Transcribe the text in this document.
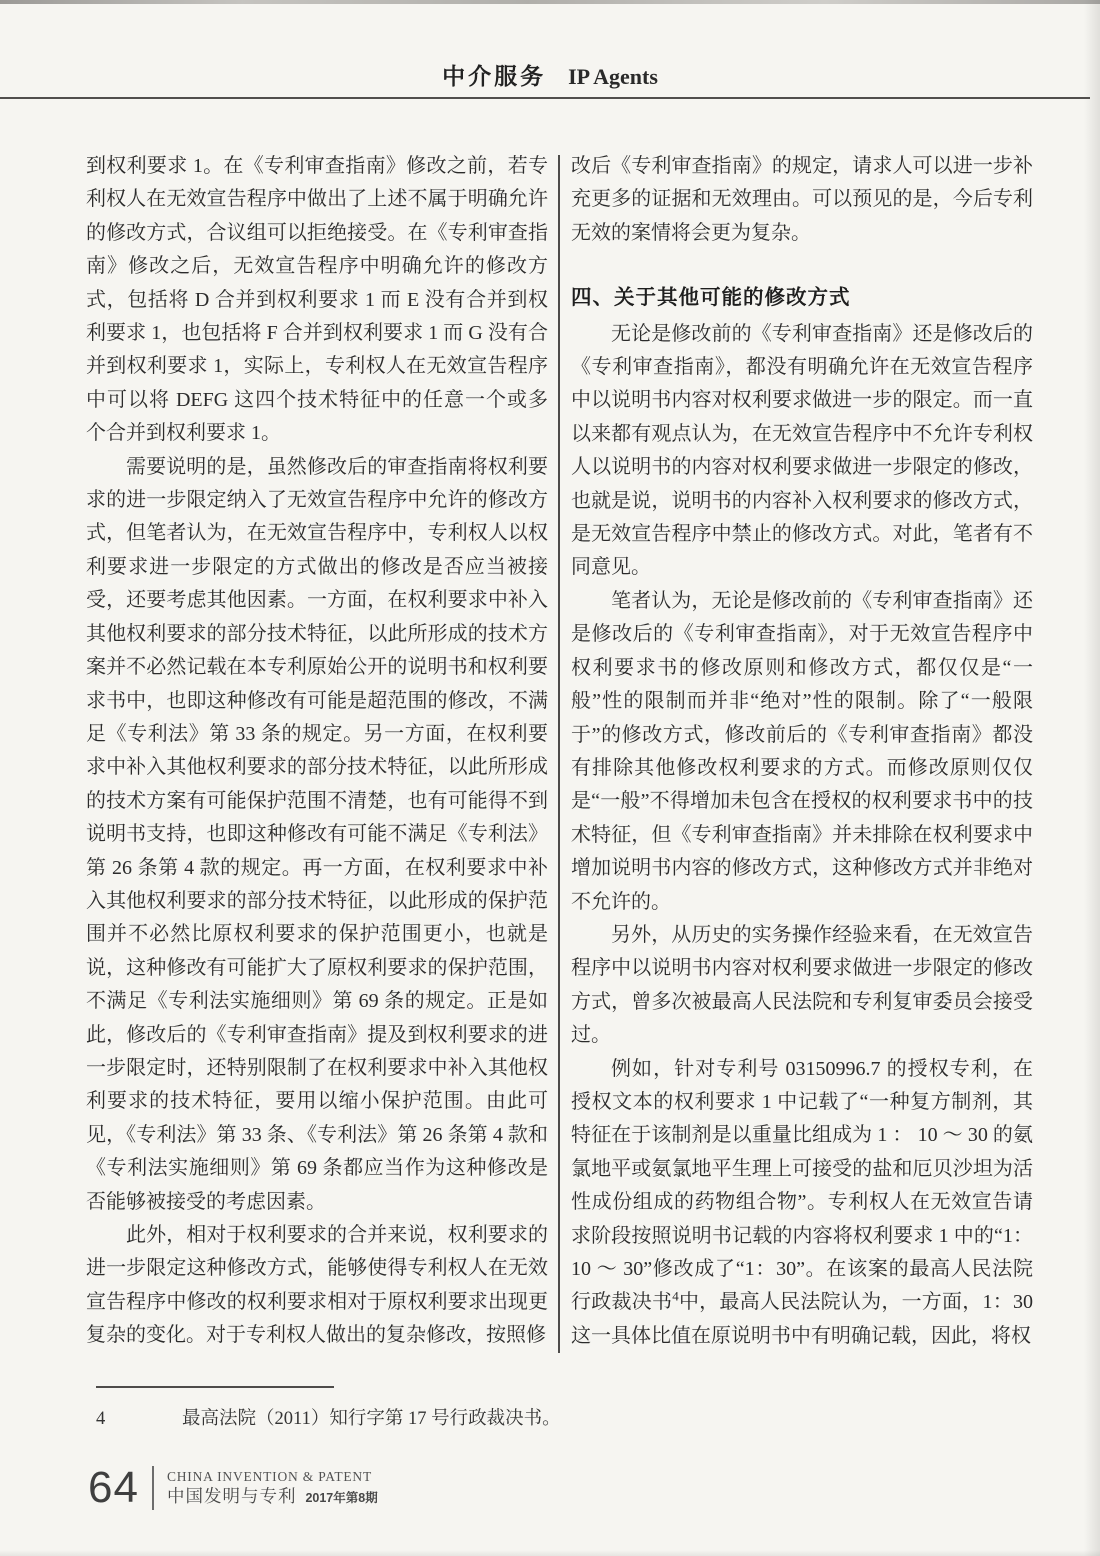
中介服务 IP Agents

到权利要求 1。在《专利审查指南》修改之前，若专利权人在无效宣告程序中做出了上述不属于明确允许的修改方式，合议组可以拒绝接受。在《专利审查指南》修改之后，无效宣告程序中明确允许的修改方式，包括将 D 合并到权利要求 1 而 E 没有合并到权利要求 1，也包括将 F 合并到权利要求 1 而 G 没有合并到权利要求 1，实际上，专利权人在无效宣告程序中可以将 DEFG 这四个技术特征中的任意一个或多个合并到权利要求 1。

需要说明的是，虽然修改后的审查指南将权利要求的进一步限定纳入了无效宣告程序中允许的修改方式，但笔者认为，在无效宣告程序中，专利权人以权利要求进一步限定的方式做出的修改是否应当被接受，还要考虑其他因素。一方面，在权利要求中补入其他权利要求的部分技术特征，以此所形成的技术方案并不必然记载在本专利原始公开的说明书和权利要求书中，也即这种修改有可能是超范围的修改，不满足《专利法》第 33 条的规定。另一方面，在权利要求中补入其他权利要求的部分技术特征，以此所形成的技术方案有可能保护范围不清楚，也有可能得不到说明书支持，也即这种修改有可能不满足《专利法》第 26 条第 4 款的规定。再一方面，在权利要求中补入其他权利要求的部分技术特征，以此形成的保护范围并不必然比原权利要求的保护范围更小，也就是说，这种修改有可能扩大了原权利要求的保护范围，不满足《专利法实施细则》第 69 条的规定。正是如此，修改后的《专利审查指南》提及到权利要求的进一步限定时，还特别限制了在权利要求中补入其他权利要求的技术特征，要用以缩小保护范围。由此可见，《专利法》第 33 条、《专利法》第 26 条第 4 款和《专利法实施细则》第 69 条都应当作为这种修改是否能够被接受的考虑因素。

此外，相对于权利要求的合并来说，权利要求的进一步限定这种修改方式，能够使得专利权人在无效宣告程序中修改的权利要求相对于原权利要求出现更复杂的变化。对于专利权人做出的复杂修改，按照修

改后《专利审查指南》的规定，请求人可以进一步补充更多的证据和无效理由。可以预见的是，今后专利无效的案情将会更为复杂。

四、关于其他可能的修改方式

无论是修改前的《专利审查指南》还是修改后的《专利审查指南》，都没有明确允许在无效宣告程序中以说明书内容对权利要求做进一步的限定。而一直以来都有观点认为，在无效宣告程序中不允许专利权人以说明书的内容对权利要求做进一步限定的修改，也就是说，说明书的内容补入权利要求的修改方式，是无效宣告程序中禁止的修改方式。对此，笔者有不同意见。

笔者认为，无论是修改前的《专利审查指南》还是修改后的《专利审查指南》，对于无效宣告程序中权利要求书的修改原则和修改方式，都仅仅是“一般”性的限制而并非“绝对”性的限制。除了“一般限于”的修改方式，修改前后的《专利审查指南》都没有排除其他修改权利要求的方式。而修改原则仅仅是“一般”不得增加未包含在授权的权利要求书中的技术特征，但《专利审查指南》并未排除在权利要求中增加说明书内容的修改方式，这种修改方式并非绝对不允许的。

另外，从历史的实务操作经验来看，在无效宣告程序中以说明书内容对权利要求做进一步限定的修改方式，曾多次被最高人民法院和专利复审委员会接受过。

例如，针对专利号 03150996.7 的授权专利，在授权文本的权利要求 1 中记载了“一种复方制剂，其特征在于该制剂是以重量比组成为 1 ： 10 ～ 30 的氨氯地平或氨氯地平生理上可接受的盐和厄贝沙坦为活性成份组成的药物组合物”。专利权人在无效宣告请求阶段按照说明书记载的内容将权利要求 1 中的“1：10 ～ 30”修改成了“1：30”。在该案的最高人民法院行政裁决书$^4$中，最高人民法院认为，一方面，1：30 这一具体比值在原说明书中有明确记载，因此，将权

4	最高法院（2011）知行字第 17 号行政裁决书。
64 CHINA INVENTION & PATENT
中国发明与专利 2017年第8期
